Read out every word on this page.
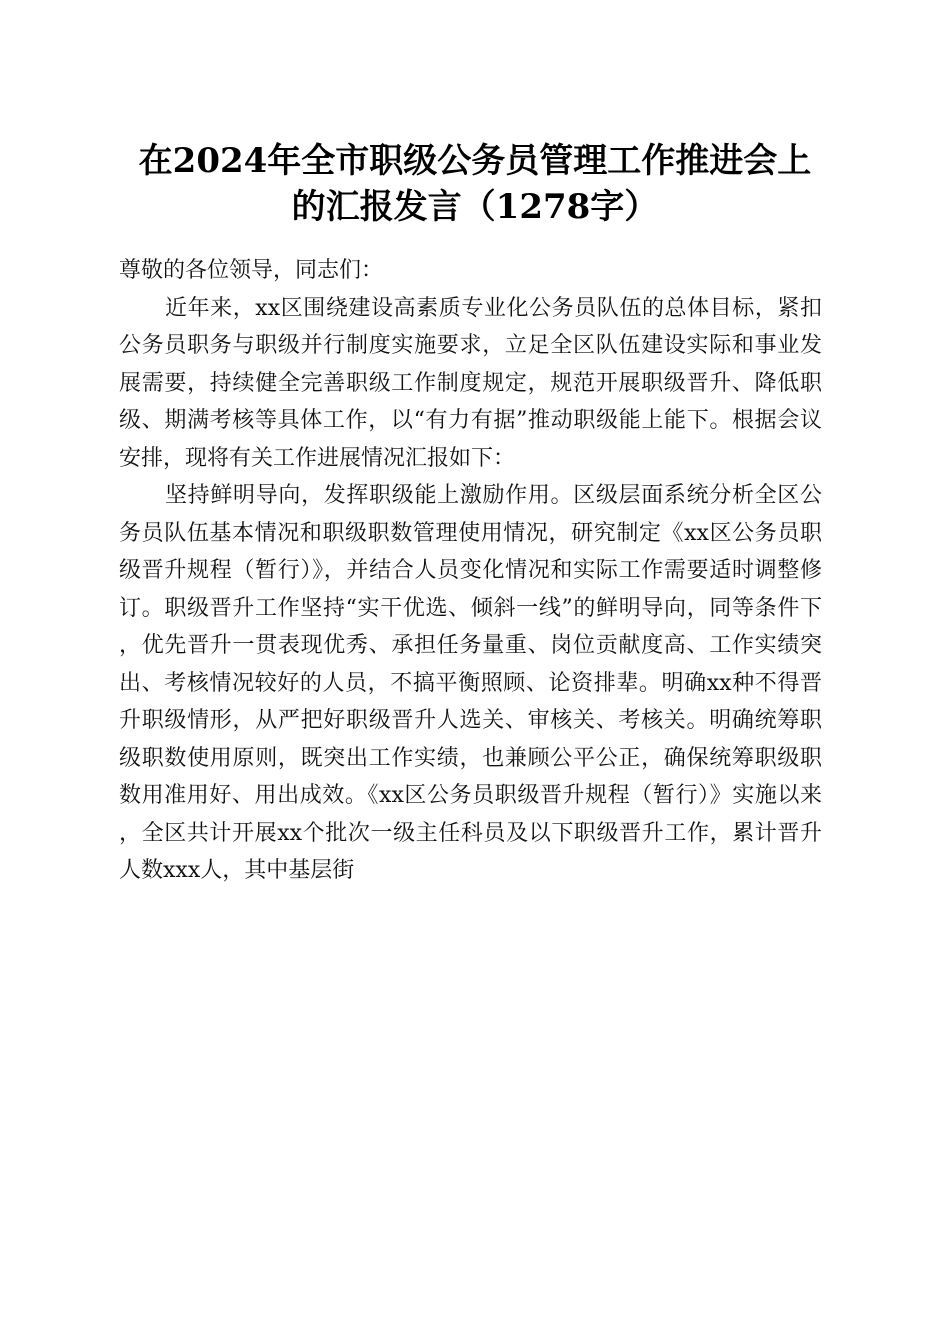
在2024年全市职级公务员管理工作推进会上
的汇报发言（1278字）

尊敬的各位领导，同志们：

近年来，xx区围绕建设高素质专业化公务员队伍的总体目标，紧扣公务员职务与职级并行制度实施要求，立足全区队伍建设实际和事业发展需要，持续健全完善职级工作制度规定，规范开展职级晋升、降低职级、期满考核等具体工作，以“有力有据”推动职级能上能下。根据会议安排，现将有关工作进展情况汇报如下：

坚持鲜明导向，发挥职级能上激励作用。区级层面系统分析全区公务员队伍基本情况和职级职数管理使用情况，研究制定《xx区公务员职级晋升规程（暂行）》，并结合人员变化情况和实际工作需要适时调整修订。职级晋升工作坚持“实干优选、倾斜一线”的鲜明导向，同等条件下，优先晋升一贯表现优秀、承担任务量重、岗位贡献度高、工作实绩突出、考核情况较好的人员，不搞平衡照顾、论资排辈。明确xx种不得晋升职级情形，从严把好职级晋升人选关、审核关、考核关。明确统筹职级职数使用原则，既突出工作实绩，也兼顾公平公正，确保统筹职级职数用准用好、用出成效。《xx区公务员职级晋升规程（暂行）》实施以来，全区共计开展xx个批次一级主任科员及以下职级晋升工作，累计晋升人数xxx人，其中基层街
